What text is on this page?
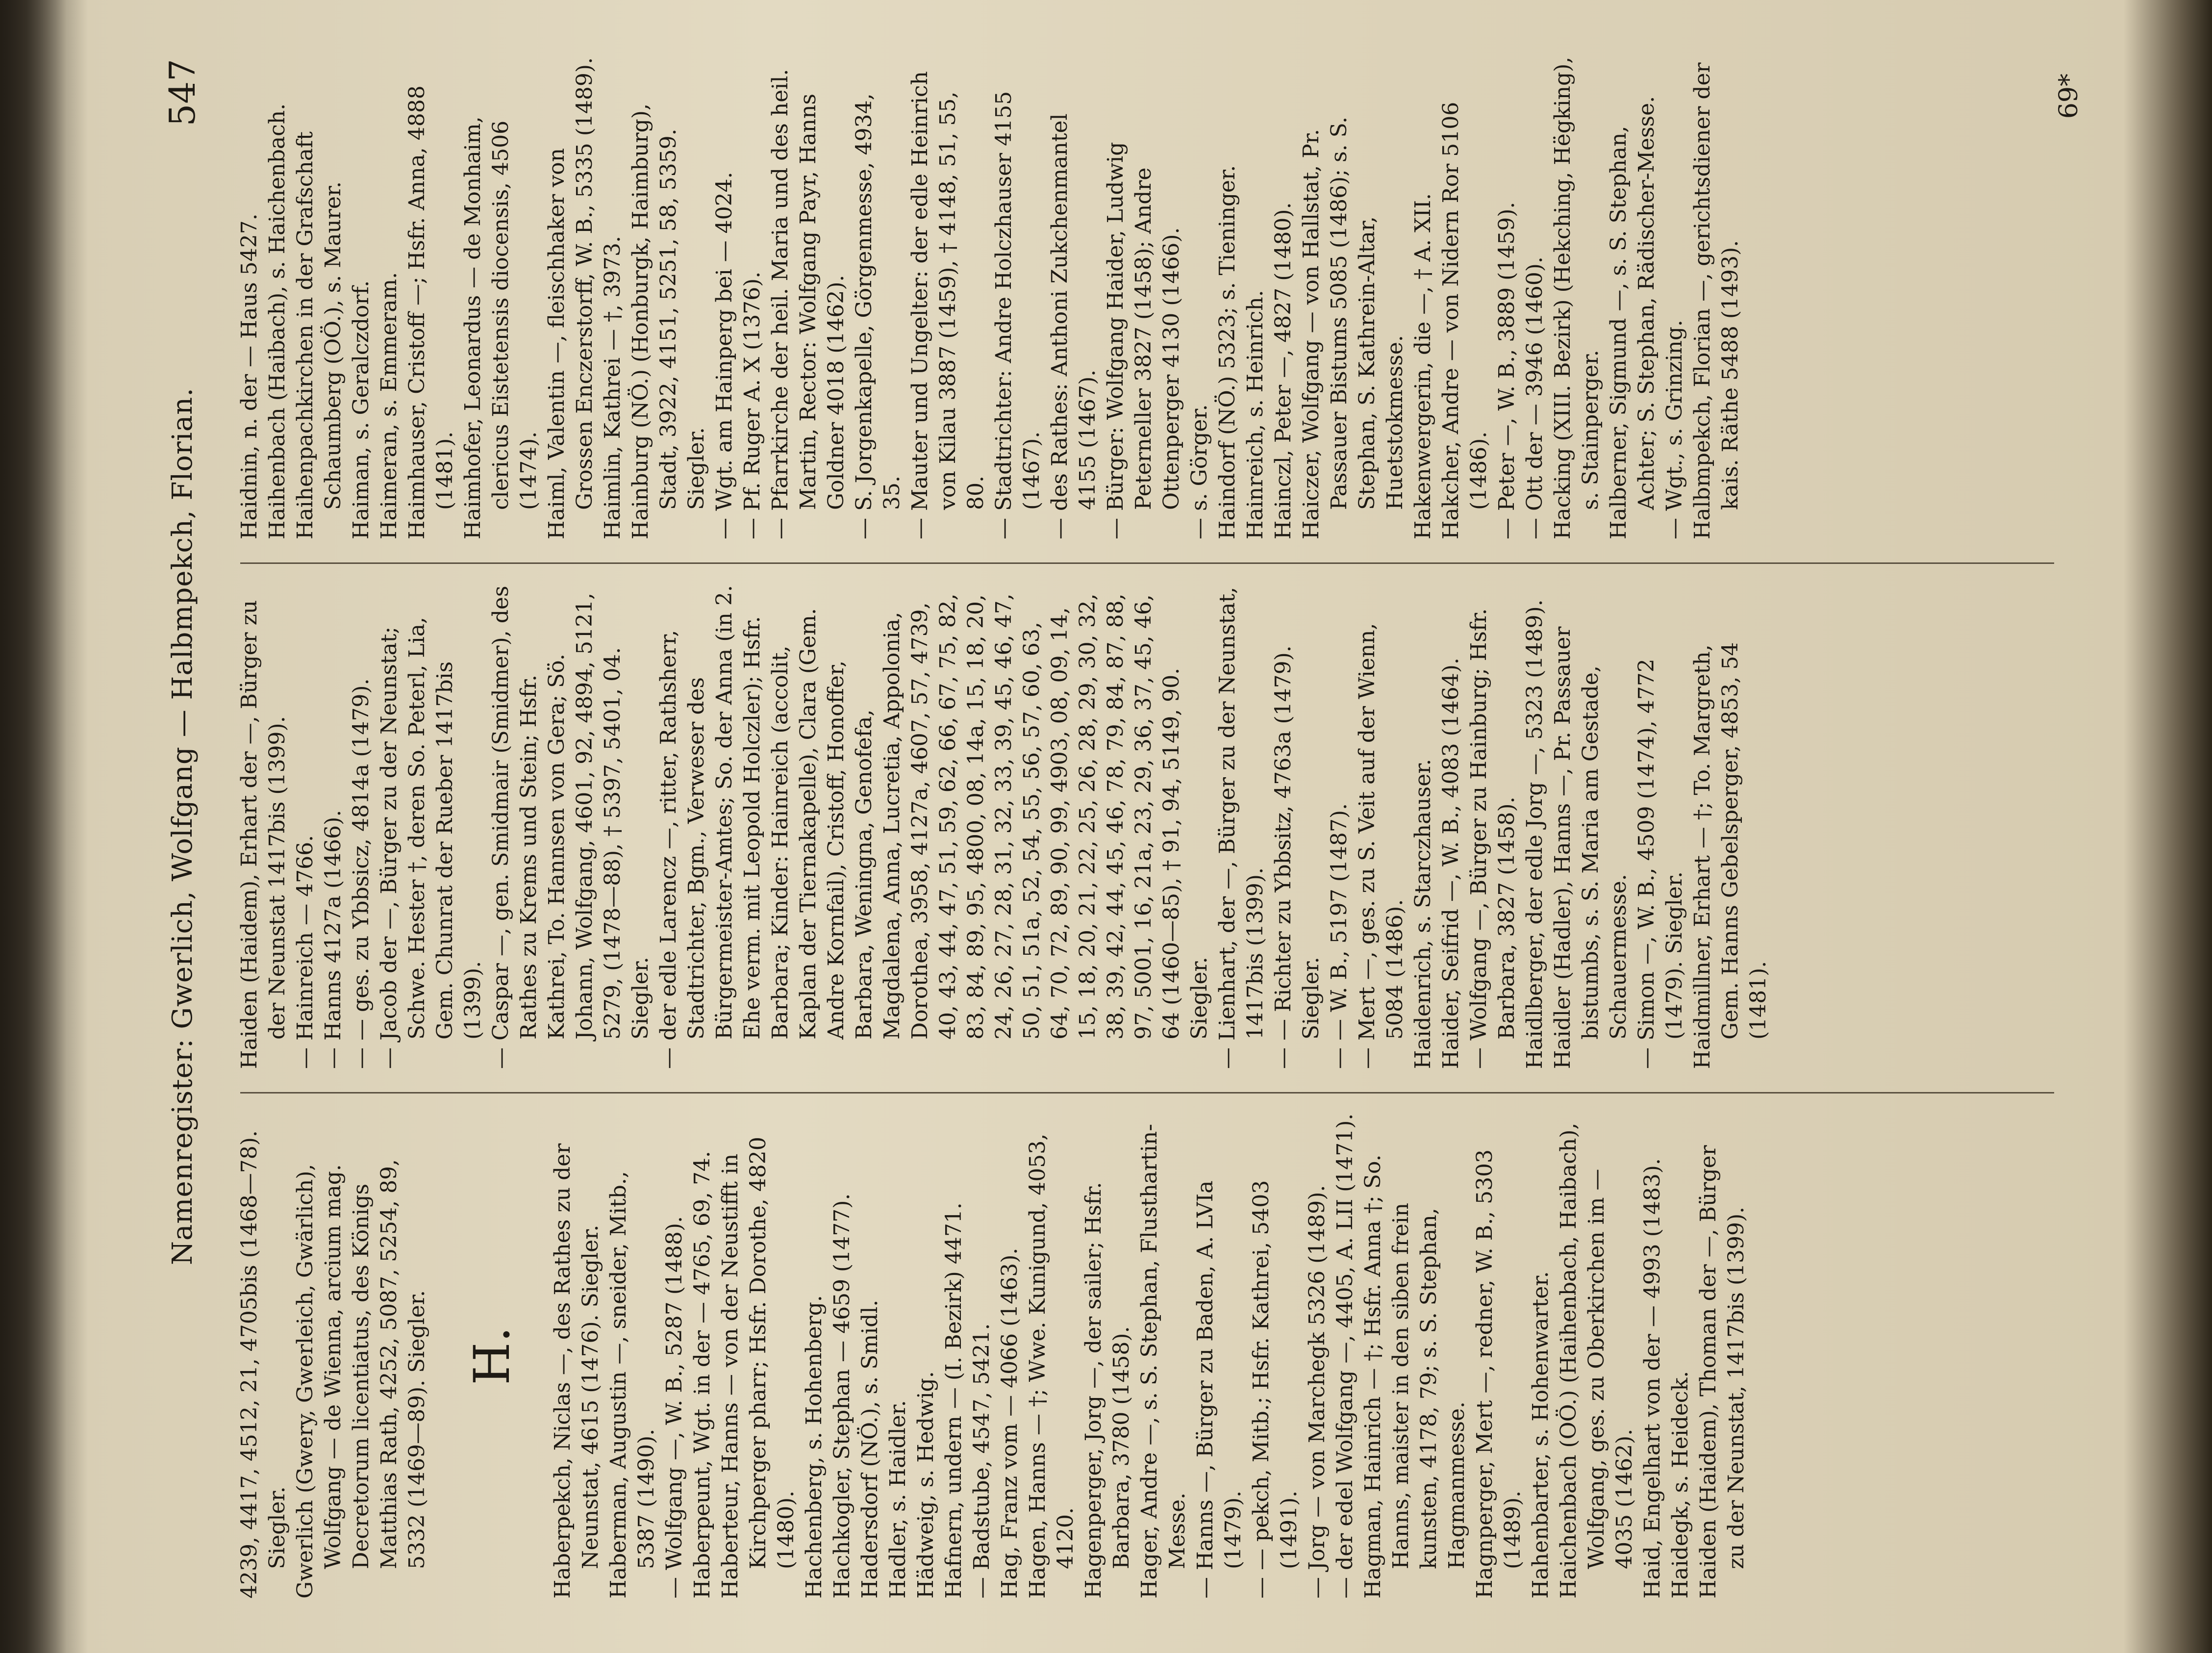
Namenregister: Gwerlich, Wolfgang — Halbmpekch, Florian.
547

4239, 4417, 4512, 21, 4705bis (1468—78). Siegler. Gwerlich (Gwery, Gwerleich, Gwärlich), Wolfgang — de Wienna, arcium mag. Decretorum licentiatus, des Königs Matthias Rath, 4252, 5087, 5254, 89, 5332 (1469—89). Siegler. H. Haberpekch, Niclas —, des Rathes zu der Neunstat, 4615 (1476). Siegler. Haberman, Augustin —, sneider, Mitb., 5387 (1490). — Wolfgang —, W. B., 5287 (1488). Haberpeunt, Wgt. in der — 4765, 69, 74. Haberteur, Hanns — von der Neustifft in Kirchperger pharr; Hsfr. Dorothe, 4820 (1480). Hachenberg, s. Hohenberg. Hachkogler, Stephan — 4659 (1477). Hadersdorf (NÖ.), s. Smidl. Hadler, s. Haidler. Hädweig, s. Hedwig. Hafnern, undern — (I. Bezirk) 4471. — Badstube, 4547, 5421. Hag, Franz vom — 4066 (1463). Hagen, Hanns — †; Wwe. Kunigund, 4053, 4120. Hagenperger, Jorg —, der sailer; Hsfr. Barbara, 3780 (1458). Hager, Andre —, s. S. Stephan, Flusthartin-Messe. — Hanns —, Bürger zu Baden, A. LVIa (1479). — — pekch, Mitb.; Hsfr. Kathrei, 5403 (1491). — Jorg — von Marchegk 5326 (1489). — der edel Wolfgang —, 4405, A. LII (1471). Hagman, Hainrich — †; Hsfr. Anna †; So. Hanns, maister in den siben frein kunsten, 4178, 79; s. S. Stephan, Hagmanmesse. Hagnperger, Mert —, redner, W. B., 5303 (1489). Hahenbarter, s. Hohenwarter. Haichenbach (OÖ.) (Haihenbach, Haibach), Wolfgang, ges. zu Oberkirchen im — 4035 (1462). Haid, Engelhart von der — 4993 (1483). Haidegk, s. Heideck. Haiden (Haidem), Thoman der —, Bürger zu der Neunstat, 1417bis (1399).

Haiden (Haidem), Erhart der —, Bürger zu der Neunstat 1417bis (1399). — Hainreich — 4766. — Hanns 4127a (1466). — — ges. zu Ybbsicz, 4814a (1479). — Jacob der —, Bürger zu der Neunstat; Schwe. Hester †, deren So. Peterl, Lia, Gem. Chunrat der Rueber 1417bis (1399). — Caspar —, gen. Smidmair (Smidmer), des Rathes zu Krems und Stein; Hsfr. Kathrei, To. Hannsen von Gera; Sö. Johann, Wolfgang, 4601, 92, 4894, 5121, 5279, (1478—88), † 5397, 5401, 04. Siegler. — der edle Larencz —, ritter, Rathsherr, Stadtrichter, Bgm., Verweser des Bürgermeister-Amtes; So. der Anna (in 2. Ehe verm. mit Leopold Holczler); Hsfr. Barbara; Kinder: Hainreich (accolit, Kaplan der Tiernakapelle), Clara (Gem. Andre Kornfail), Cristoff, Honoffer, Barbara, Weningna, Genofefa, Magdalena, Anna, Lucretia, Appolonia, Dorothea, 3958, 4127a, 4607, 57, 4739, 40, 43, 44, 47, 51, 59, 62, 66, 67, 75, 82, 83, 84, 89, 95, 4800, 08, 14a, 15, 18, 20, 24, 26, 27, 28, 31, 32, 33, 39, 45, 46, 47, 50, 51, 51a, 52, 54, 55, 56, 57, 60, 63, 64, 70, 72, 89, 90, 99, 4903, 08, 09, 14, 15, 18, 20, 21, 22, 25, 26, 28, 29, 30, 32, 38, 39, 42, 44, 45, 46, 78, 79, 84, 87, 88, 97, 5001, 16, 21a, 23, 29, 36, 37, 45, 46, 64 (1460—85), † 91, 94, 5149, 90. Siegler. — Lienhart, der —, Bürger zu der Neunstat, 1417bis (1399). — — Richter zu Ybbsitz, 4763a (1479). Siegler. — — W. B., 5197 (1487). — Mert —, ges. zu S. Veit auf der Wienn, 5084 (1486). Haidenrich, s. Starczhauser. Haider, Seifrid —, W. B., 4083 (1464). — Wolfgang —, Bürger zu Hainburg; Hsfr. Barbara, 3827 (1458). Haidlberger, der edle Jorg —, 5323 (1489). Haidler (Hadler), Hanns —, Pr. Passauer bistumbs, s. S. Maria am Gestade, Schauermesse. — Simon —, W. B., 4509 (1474), 4772 (1479). Siegler. Haidmillner, Erhart — †; To. Margreth, Gem. Hanns Gebelsperger, 4853, 54 (1481).

Haidnin, n. der — Haus 5427. Haihenbach (Haibach), s. Haichenbach. Haihenpachkirchen in der Grafschaft Schaumberg (OÖ.), s. Maurer. Haiman, s. Geralczdorf. Haimeran, s. Emmeram. Haimhauser, Cristoff —; Hsfr. Anna, 4888 (1481). Haimhofer, Leonardus — de Monhaim, clericus Eistetensis diocensis, 4506 (1474). Haiml, Valentin —, fleischhaker von Grossen Enczerstorff, W. B., 5335 (1489). Haimlin, Kathrei — †, 3973. Hainburg (NÖ.) (Honburgk, Haimburg), Stadt, 3922, 4151, 5251, 58, 5359. Siegler. — Wgt. am Hainperg bei — 4024. — Pf. Ruger A. X (1376). — Pfarrkirche der heil. Maria und des heil. Martin, Rector: Wolfgang Payr, Hanns Goldner 4018 (1462). — S. Jorgenkapelle, Görgenmesse, 4934, 35. — Mauter und Ungelter: der edle Heinrich von Kilau 3887 (1459), † 4148, 51, 55, 80. — Stadtrichter: Andre Holczhauser 4155 (1467). — des Rathes: Anthoni Zukchenmantel 4155 (1467). — Bürger: Wolfgang Haider, Ludwig Peterneller 3827 (1458); Andre Ottenperger 4130 (1466). — s. Görger. Haindorf (NÖ.) 5323; s. Tieninger. Hainreich, s. Heinrich. Hainczl, Peter —, 4827 (1480). Haiczer, Wolfgang — von Hallstat, Pr. Passauer Bistums 5085 (1486); s. S. Stephan, S. Kathrein-Altar, Huetstokmesse. Hakenwergerin, die —, † A. XII. Hakcher, Andre — von Nidern Ror 5106 (1486). — Peter —, W. B., 3889 (1459). — Ott der — 3946 (1460). Hacking (XIII. Bezirk) (Hekching, Hëgking), s. Stainperger. Halberner, Sigmund —, s. S. Stephan, Achter; S. Stephan, Rädischer-Messe. — Wgt., s. Grinzing. Halbmpekch, Florian —, gerichtsdiener der kais. Räthe 5488 (1493).

69*
